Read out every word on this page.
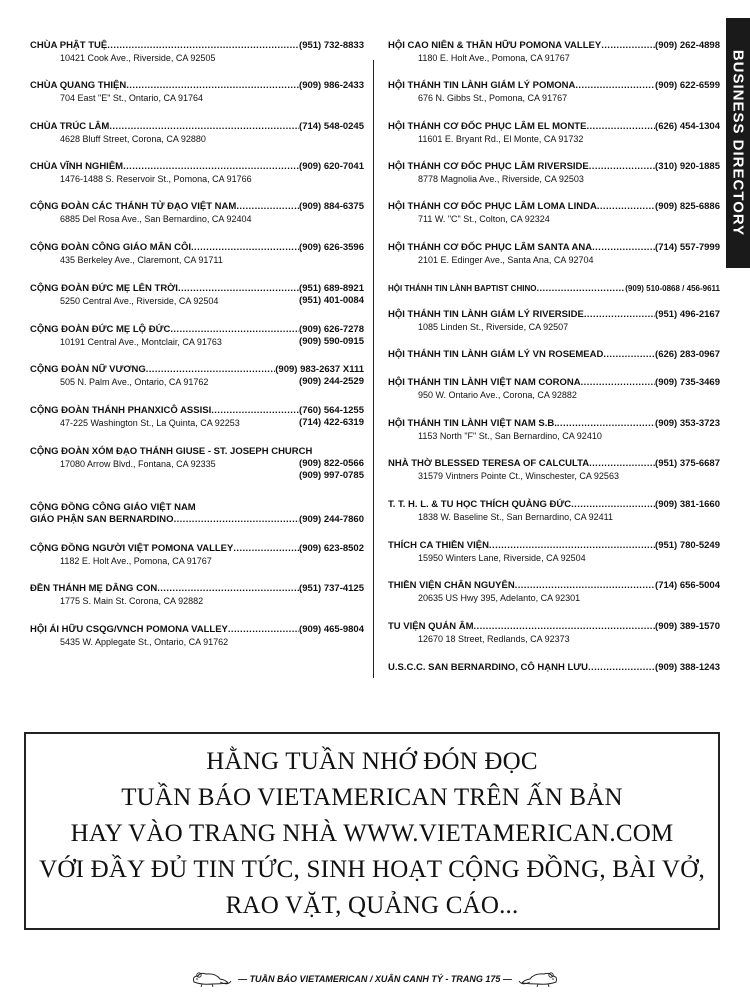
BUSINESS DIRECTORY
CHÙA PHẬT TUỆ .....	(951) 732-8833
10421 Cook Ave., Riverside, CA 92505
CHÙA QUANG THIỆN .....	(909) 986-2433
704 East "E" St., Ontario, CA 91764
CHÙA TRÚC LÂM .....	(714) 548-0245
4628 Bluff Street, Corona, CA 92880
CHÙA VĨNH NGHIÊM .....	(909) 620-7041
1476-1488 S. Reservoir St., Pomona, CA 91766
CỘNG ĐOÀN CÁC THÁNH TỬ ĐẠO VIỆT NAM .....	(909) 884-6375
6885 Del Rosa Ave., San Bernardino, CA 92404
CỘNG ĐOÀN CÔNG GIÁO MÂN CÔI .....	(909) 626-3596
435 Berkeley Ave., Claremont, CA 91711
CỘNG ĐOÀN ĐỨC MẸ LÊN TRỜI .....	(951) 689-8921
5250 Central Ave., Riverside, CA 92504	(951) 401-0084
CỘNG ĐOÀN ĐỨC MẸ LỘ ĐỨC .....	(909) 626-7278
10191 Central Ave., Montclair, CA 91763	(909) 590-0915
CỘNG ĐOÀN NỮ VƯƠNG .....	(909) 983-2637 X111
505 N. Palm Ave., Ontario, CA 91762	(909) 244-2529
CỘNG ĐOÀN THÁNH PHANXICÔ ASSISI .....	(760) 564-1255
47-225 Washington St., La Quinta, CA 92253	(714) 422-6319
CỘNG ĐOÀN XÓM ĐẠO THÁNH GIUSE - ST. JOSEPH CHURCH
17080 Arrow Blvd., Fontana, CA 92335	(909) 822-0566
(909) 997-0785
CỘNG ĐỒNG CÔNG GIÁO VIỆT NAM
GIÁO PHẬN SAN BERNARDINO .....	(909) 244-7860
CỘNG ĐỒNG NGƯỜI VIỆT POMONA VALLEY .....	(909) 623-8502
1182 E. Holt Ave., Pomona, CA 91767
ĐỀN THÁNH MẸ DÂNG CON .....	(951) 737-4125
1775 S. Main St. Corona, CA 92882
HỘI ÁI HỮU CSQG/VNCH POMONA VALLEY .....	(909) 465-9804
5435 W. Applegate St., Ontario, CA 91762
HỘI CAO NIÊN & THÂN HỮU POMONA VALLEY .....	(909) 262-4898
1180 E. Holt Ave., Pomona, CA 91767
HỘI THÁNH TIN LÀNH GIÁM LÝ POMONA .....	(909) 622-6599
676 N. Gibbs St., Pomona, CA 91767
HỘI THÁNH CƠ ĐỐC PHỤC LÂM EL MONTE .....	(626) 454-1304
11601 E. Bryant Rd., El Monte, CA 91732
HỘI THÁNH CƠ ĐỐC PHỤC LÂM RIVERSIDE .....	(310) 920-1885
8778 Magnolia Ave., Riverside, CA 92503
HỘI THÁNH CƠ ĐỐC PHỤC LÂM LOMA LINDA .....	(909) 825-6886
711 W. "C" St., Colton, CA 92324
HỘI THÁNH CƠ ĐỐC PHỤC LÂM SANTA ANA .....	(714) 557-7999
2101 E. Edinger Ave., Santa Ana, CA 92704
HỘI THÁNH TIN LÀNH BAPTIST CHINO .....	(909) 510-0868 / 456-9611
HỘI THÁNH TIN LÀNH GIÁM LÝ RIVERSIDE .....	(951) 496-2167
1085 Linden St., Riverside, CA 92507
HỘI THÁNH TIN LÀNH GIÁM LÝ VN ROSEMEAD .....	(626) 283-0967
HỘI THÁNH TIN LÀNH VIỆT NAM CORONA .....	(909) 735-3469
950 W. Ontario Ave., Corona, CA 92882
HỘI THÁNH TIN LÀNH VIỆT NAM S.B. .....	(909) 353-3723
1153 North "F" St., San Bernardino, CA 92410
NHÀ THỜ BLESSED TERESA OF CALCULTA .....	(951) 375-6687
31579 Vintners Pointe Ct., Winschester, CA 92563
T. T. H. L. & TU HỌC THÍCH QUẢNG ĐỨC .....	(909) 381-1660
1838 W. Baseline St., San Bernardino, CA 92411
THÍCH CA THIỀN VIỆN .....	(951) 780-5249
15950 Winters Lane, Riverside, CA 92504
THIỀN VIỆN CHÂN NGUYÊN .....	(714) 656-5004
20635 US Hwy 395, Adelanto, CA 92301
TU VIỆN QUÁN ÂM .....	(909) 389-1570
12670 18 Street, Redlands, CA 92373
U.S.C.C. SAN BERNARDINO, CÔ HẠNH LƯU .....	(909) 388-1243
HẰNG TUẦN NHỚ ĐÓN ĐỌC
TUẦN BÁO VIETAMERICAN TRÊN ẤN BẢN
HAY VÀO TRANG NHÀ WWW.VIETAMERICAN.COM
VỚI ĐẦY ĐỦ TIN TỨC, SINH HOẠT CỘNG ĐỒNG, BÀI VỞ,
RAO VẶT, QUẢNG CÁO...
— TUẦN BÁO VIETAMERICAN / XUÂN CANH TÝ - TRANG 175 —
